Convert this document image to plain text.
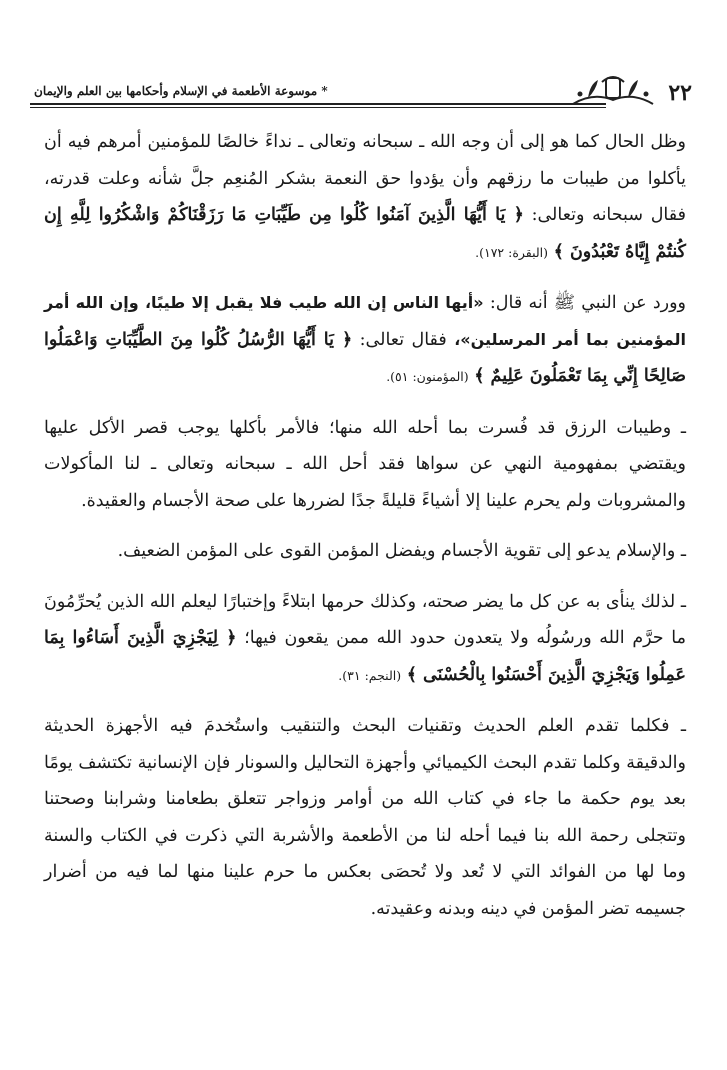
٢٢
* موسوعة الأطعمة في الإسلام وأحكامها بين العلم والإيمان

وظل الحال كما هو إلى أن وجه الله ـ سبحانه وتعالى ـ نداءً خالصًا للمؤمنين أمرهم فيه أن يأكلوا من طيبات ما رزقهم وأن يؤدوا حق النعمة بشكر المُنعِم جلَّ شأنه وعلت قدرته، فقال سبحانه وتعالى: ﴿ يَا أَيُّهَا الَّذِينَ آمَنُوا كُلُوا مِن طَيِّبَاتِ مَا رَزَقْنَاكُمْ وَاشْكُرُوا لِلَّهِ إِن كُنتُمْ إِيَّاهُ تَعْبُدُونَ ﴾ (البقرة: ١٧٢).

وورد عن النبي ﷺ أنه قال: «أيها الناس إن الله طيب فلا يقبل إلا طيبًا، وإن الله أمر المؤمنين بما أمر المرسلين»، فقال تعالى: ﴿ يَا أَيُّهَا الرُّسُلُ كُلُوا مِنَ الطَّيِّبَاتِ وَاعْمَلُوا صَالِحًا إِنِّي بِمَا تَعْمَلُونَ عَلِيمٌ ﴾ (المؤمنون: ٥١).

ـ وطيبات الرزق قد فُسرت بما أحله الله منها؛ فالأمر بأكلها يوجب قصر الأكل عليها ويقتضي بمفهومية النهي عن سواها فقد أحل الله ـ سبحانه وتعالى ـ لنا المأكولات والمشروبات ولم يحرم علينا إلا أشياءً قليلةً جدًا لضررها على صحة الأجسام والعقيدة.

ـ والإسلام يدعو إلى تقوية الأجسام ويفضل المؤمن القوى على المؤمن الضعيف.

ـ لذلك ينأى به عن كل ما يضر صحته، وكذلك حرمها ابتلاءً وإختبارًا ليعلم الله الذين يُحرِّمُونَ ما حرَّم الله ورسُولُه ولا يتعدون حدود الله ممن يقعون فيها؛ ﴿ لِيَجْزِيَ الَّذِينَ أَسَاءُوا بِمَا عَمِلُوا وَيَجْزِيَ الَّذِينَ أَحْسَنُوا بِالْحُسْنَى ﴾ (النجم: ٣١).

ـ فكلما تقدم العلم الحديث وتقنيات البحث والتنقيب واستُخدمَ فيه الأجهزة الحديثة والدقيقة وكلما تقدم البحث الكيميائي وأجهزة التحاليل والسونار فإن الإنسانية تكتشف يومًا بعد يوم حكمة ما جاء في كتاب الله من أوامر وزواجر تتعلق بطعامنا وشرابنا وصحتنا وتتجلى رحمة الله بنا فيما أحله لنا من الأطعمة والأشربة التي ذكرت في الكتاب والسنة وما لها من الفوائد التي لا تُعد ولا تُحصَى بعكس ما حرم علينا منها لما فيه من أضرار جسيمه تضر المؤمن في دينه وبدنه وعقيدته.
